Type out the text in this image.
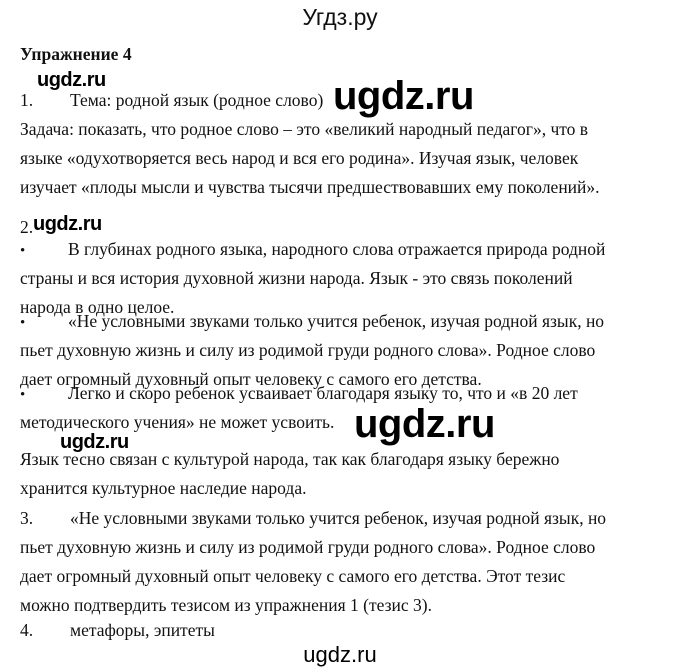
Угдз.ру
Упражнение 4
ugdz.ru
1. Тема: родной язык (родное слово) ugdz.ru
Задача: показать, что родное слово – это «великий народный педагог», что в
языке «одухотворяется весь народ и вся его родина». Изучая язык, человек
изучает «плоды мысли и чувства тысячи предшествовавших ему поколений».
2. ugdz.ru
• В глубинах родного языка, народного слова отражается природа родной
страны и вся история духовной жизни народа. Язык - это связь поколений
народа в одно целое.
• «Не условными звуками только учится ребенок, изучая родной язык, но
пьет духовную жизнь и силу из родимой груди родного слова». Родное слово
дает огромный духовный опыт человеку с самого его детства.
• Легко и скоро ребенок усваивает благодаря языку то, что и «в 20 лет
методического учения» не может усвоить. ugdz.ru
ugdz.ru
Язык тесно связан с культурой народа, так как благодаря языку бережно
хранится культурное наследие народа.
3. «Не условными звуками только учится ребенок, изучая родной язык, но
пьет духовную жизнь и силу из родимой груди родного слова». Родное слово
дает огромный духовный опыт человеку с самого его детства. Этот тезис
можно подтвердить тезисом из упражнения 1 (тезис 3).
4. метафоры, эпитеты
ugdz.ru
